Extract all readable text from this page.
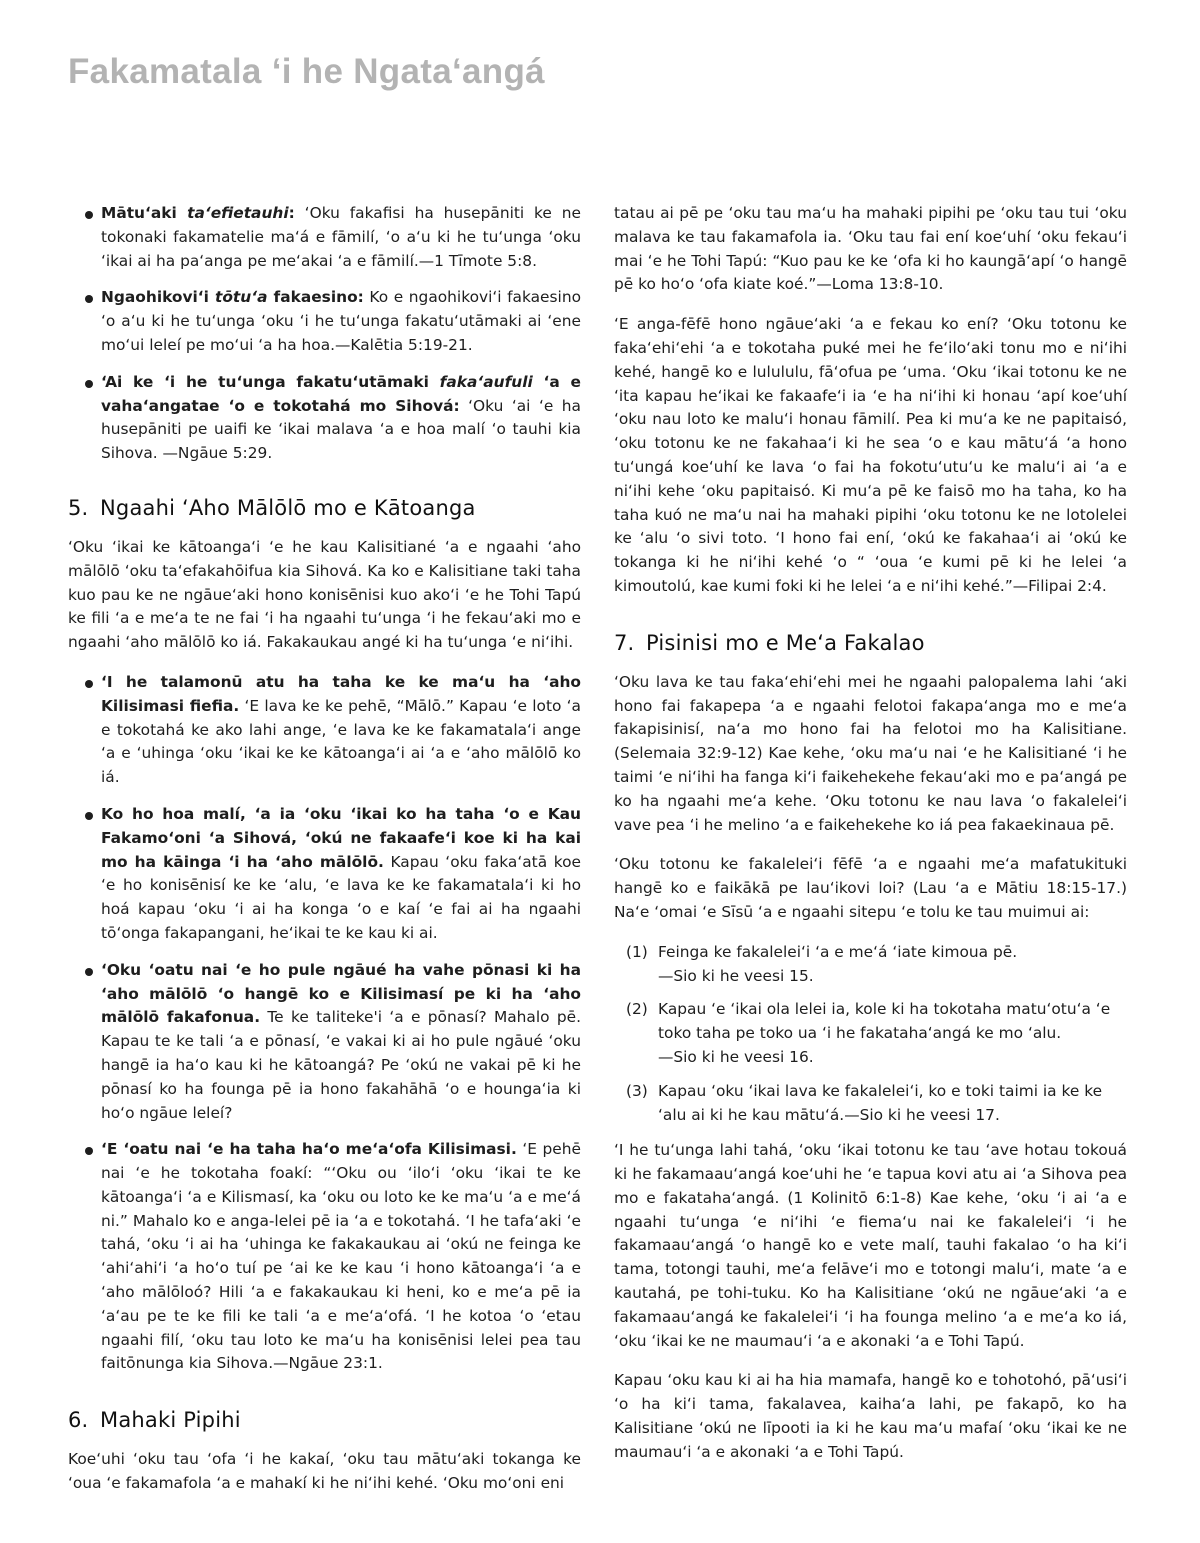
Fakamatala ʻi he Ngataʻangá
Mātuʻaki taʻefietauhi: ʻOku fakafisi ha husepāniti ke ne tokonaki fakamatelie maʻá e fāmilí, ʻo aʻu ki he tuʻunga ʻoku ʻikai ai ha paʻanga pe meʻakai ʻa e fāmilí.—1 Tīmote 5:8.
Ngaohikoviʻi tōtuʻa fakaesino: Ko e ngaohikoviʻi fakaesino ʻo aʻu ki he tuʻunga ʻoku ʻi he tuʻunga fakatuʻutāmaki ai ʻene moʻui leleí pe moʻui ʻa ha hoa.—Kalētia 5:19-21.
ʻAi ke ʻi he tuʻunga fakatuʻutāmaki fakaʻaufuli ʻa e vahaʻangatae ʻo e tokotahá mo Sihová: ʻOku ʻai ʻe ha husepāniti pe uaifi ke ʻikai malava ʻa e hoa malí ʻo tauhi kia Sihova. —Ngāue 5:29.
5. Ngaahi ʻAho Mālōlō mo e Kātoanga

ʻOku ʻikai ke kātoangaʻi ʻe he kau Kalisitiané ʻa e ngaahi ʻaho mālōlō ʻoku taʻefakahōifua kia Sihová. Ka ko e Kalisitiane taki taha kuo pau ke ne ngāueʻaki hono konisēnisi kuo akoʻi ʻe he Tohi Tapú ke fili ʻa e meʻa te ne fai ʻi ha ngaahi tuʻunga ʻi he fekauʻaki mo e ngaahi ʻaho mālōlō ko iá. Fakakaukau angé ki ha tuʻunga ʻe niʻihi.

ʻI he talamonū atu ha taha ke ke maʻu ha ʻaho Kilisimasi fiefia. ʻE lava ke ke pehē, “Mālō.” Kapau ʻe loto ʻa e tokotahá ke ako lahi ange, ʻe lava ke ke fakamatalaʻi ange ʻa e ʻuhinga ʻoku ʻikai ke ke kātoangaʻi ai ʻa e ʻaho mālōlō ko iá.
Ko ho hoa malí, ʻa ia ʻoku ʻikai ko ha taha ʻo e Kau Fakamoʻoni ʻa Sihová, ʻokú ne fakaafeʻi koe ki ha kai mo ha kāinga ʻi ha ʻaho mālōlō. Kapau ʻoku fakaʻatā koe ʻe ho konisēnisí ke ke ʻalu, ʻe lava ke ke fakamatalaʻi ki ho hoá kapau ʻoku ʻi ai ha konga ʻo e kaí ʻe fai ai ha ngaahi tōʻonga fakapangani, heʻikai te ke kau ki ai.
ʻOku ʻoatu nai ʻe ho pule ngāué ha vahe pōnasi ki ha ʻaho mālōlō ʻo hangē ko e Kilisimasí pe ki ha ʻaho mālōlō fakafonua. Te ke taliteke'i ʻa e pōnasí? Mahalo pē. Kapau te ke tali ʻa e pōnasí, ʻe vakai ki ai ho pule ngāué ʻoku hangē ia haʻo kau ki he kātoangá? Pe ʻokú ne vakai pē ki he pōnasí ko ha founga pē ia hono fakahāhā ʻo e houngaʻia ki hoʻo ngāue leleí?
ʻE ʻoatu nai ʻe ha taha haʻo meʻaʻofa Kilisimasi. ʻE pehē nai ʻe he tokotaha foakí: “ʻOku ou ʻiloʻi ʻoku ʻikai te ke kātoangaʻi ʻa e Kilismasí, ka ʻoku ou loto ke ke maʻu ʻa e meʻá ni.” Mahalo ko e anga-lelei pē ia ʻa e tokotahá. ʻI he tafaʻaki ʻe tahá, ʻoku ʻi ai ha ʻuhinga ke fakakaukau ai ʻokú ne feinga ke ʻahiʻahiʻi ʻa hoʻo tuí pe ʻai ke ke kau ʻi hono kātoangaʻi ʻa e ʻaho mālōloó? Hili ʻa e fakakaukau ki heni, ko e meʻa pē ia ʻaʻau pe te ke fili ke tali ʻa e meʻaʻofá. ʻI he kotoa ʻo ʻetau ngaahi filí, ʻoku tau loto ke maʻu ha konisēnisi lelei pea tau faitōnunga kia Sihova.—Ngāue 23:1.
6. Mahaki Pipihi

Koeʻuhi ʻoku tau ʻofa ʻi he kakaí, ʻoku tau mātuʻaki tokanga ke ʻoua ʻe fakamafola ʻa e mahakí ki he niʻihi kehé. ʻOku moʻoni eni

tatau ai pē pe ʻoku tau maʻu ha mahaki pipihi pe ʻoku tau tui ʻoku malava ke tau fakamafola ia. ʻOku tau fai ení koeʻuhí ʻoku fekauʻi mai ʻe he Tohi Tapú: “Kuo pau ke ke ʻofa ki ho kaungāʻapí ʻo hangē pē ko hoʻo ʻofa kiate koé.”—Loma 13:8-10.

ʻE anga-fēfē hono ngāueʻaki ʻa e fekau ko ení? ʻOku totonu ke fakaʻehiʻehi ʻa e tokotaha puké mei he feʻiloʻaki tonu mo e niʻihi kehé, hangē ko e lulululu, fāʻofua pe ʻuma. ʻOku ʻikai totonu ke ne ʻita kapau heʻikai ke fakaafeʻi ia ʻe ha niʻihi ki honau ʻapí koeʻuhí ʻoku nau loto ke maluʻi honau fāmilí. Pea ki muʻa ke ne papitaisó, ʻoku totonu ke ne fakahaaʻi ki he sea ʻo e kau mātuʻá ʻa hono tuʻungá koeʻuhí ke lava ʻo fai ha fokotuʻutuʻu ke maluʻi ai ʻa e niʻihi kehe ʻoku papitaisó. Ki muʻa pē ke faisō mo ha taha, ko ha taha kuó ne maʻu nai ha mahaki pipihi ʻoku totonu ke ne lotolelei ke ʻalu ʻo sivi toto. ʻI hono fai ení, ʻokú ke fakahaaʻi ai ʻokú ke tokanga ki he niʻihi kehé ʻo “ ʻoua ʻe kumi pē ki he lelei ʻa kimoutolú, kae kumi foki ki he lelei ʻa e niʻihi kehé.”—Filipai 2:4.

7. Pisinisi mo e Meʻa Fakalao

ʻOku lava ke tau fakaʻehiʻehi mei he ngaahi palopalema lahi ʻaki hono fai fakapepa ʻa e ngaahi felotoi fakapaʻanga mo e meʻa fakapisinisí, naʻa mo hono fai ha felotoi mo ha Kalisitiane. (Selemaia 32:9-12) Kae kehe, ʻoku maʻu nai ʻe he Kalisitiané ʻi he taimi ʻe niʻihi ha fanga kiʻi faikehekehe fekauʻaki mo e paʻangá pe ko ha ngaahi meʻa kehe. ʻOku totonu ke nau lava ʻo fakaleleiʻi vave pea ʻi he melino ʻa e faikehekehe ko iá pea fakaekinaua pē.

ʻOku totonu ke fakaleleiʻi fēfē ʻa e ngaahi meʻa mafatukituki hangē ko e faikākā pe lauʻikovi loi? (Lau ʻa e Mātiu 18:15-17.) Naʻe ʻomai ʻe Sīsū ʻa e ngaahi sitepu ʻe tolu ke tau muimui ai:

(1) Feinga ke fakaleleiʻi ʻa e meʻá ʻiate kimoua pē.
—Sio ki he veesi 15.
(2) Kapau ʻe ʻikai ola lelei ia, kole ki ha tokotaha matuʻotuʻa ʻe toko taha pe toko ua ʻi he fakatahaʻangá ke mo ʻalu.
—Sio ki he veesi 16.
(3) Kapau ʻoku ʻikai lava ke fakaleleiʻi, ko e toki taimi ia ke ke ʻalu ai ki he kau mātuʻá.—Sio ki he veesi 17.

ʻI he tuʻunga lahi tahá, ʻoku ʻikai totonu ke tau ʻave hotau tokouá ki he fakamaauʻangá koeʻuhi he ʻe tapua kovi atu ai ʻa Sihova pea mo e fakatahaʻangá. (1 Kolinitō 6:1-8) Kae kehe, ʻoku ʻi ai ʻa e ngaahi tuʻunga ʻe niʻihi ʻe fiemaʻu nai ke fakaleleiʻi ʻi he fakamaauʻangá ʻo hangē ko e vete malí, tauhi fakalao ʻo ha kiʻi tama, totongi tauhi, meʻa felāveʻi mo e totongi maluʻi, mate ʻa e kautahá, pe tohi-tuku. Ko ha Kalisitiane ʻokú ne ngāueʻaki ʻa e fakamaauʻangá ke fakaleleiʻi ʻi ha founga melino ʻa e meʻa ko iá, ʻoku ʻikai ke ne maumauʻi ʻa e akonaki ʻa e Tohi Tapú.

Kapau ʻoku kau ki ai ha hia mamafa, hangē ko e tohotohó, pāʻusiʻi ʻo ha kiʻi tama, fakalavea, kaihaʻa lahi, pe fakapō, ko ha Kalisitiane ʻokú ne līpooti ia ki he kau maʻu mafaí ʻoku ʻikai ke ne maumauʻi ʻa e akonaki ʻa e Tohi Tapú.
